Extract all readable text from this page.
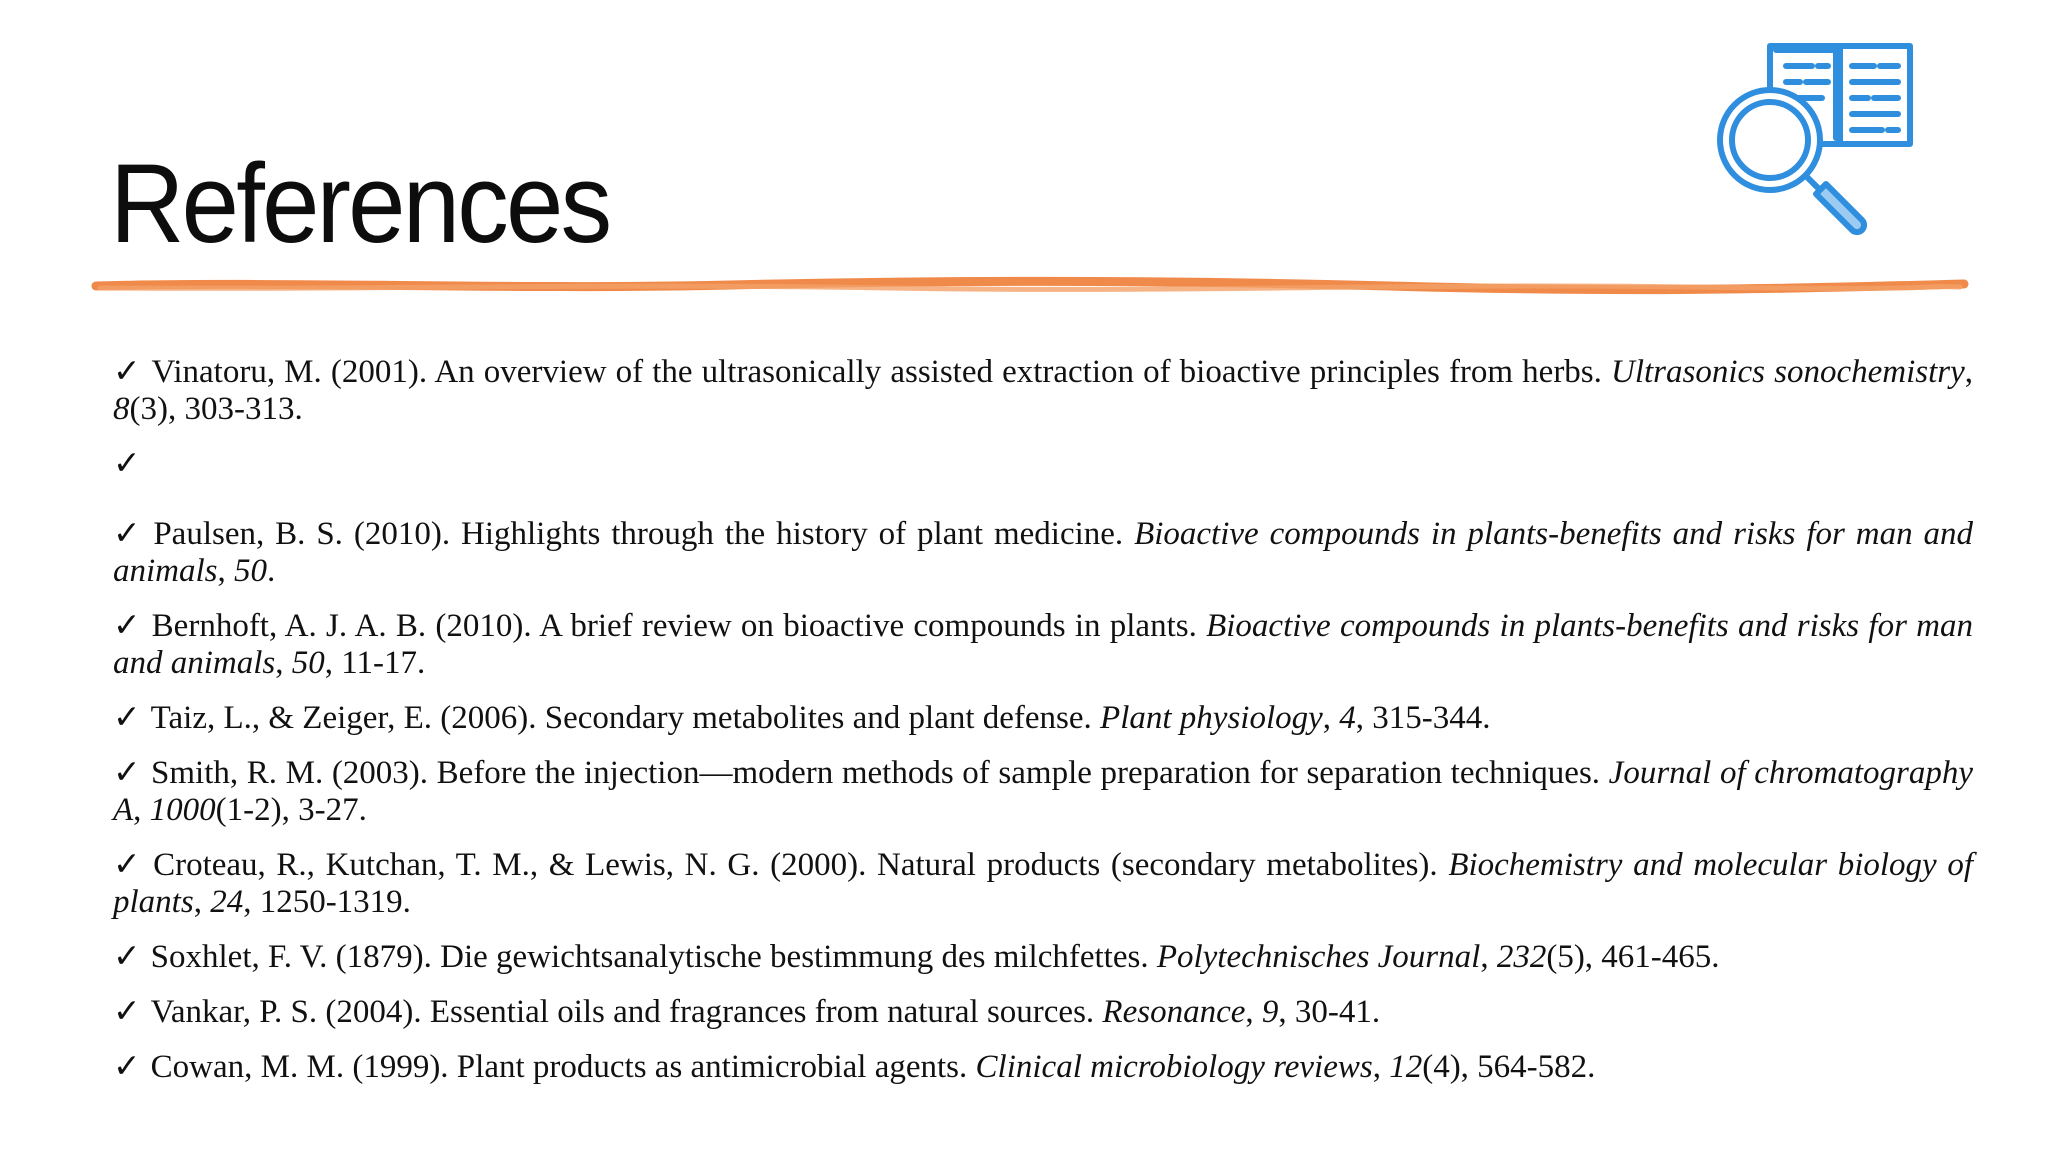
References
✓ Vinatoru, M. (2001). An overview of the ultrasonically assisted extraction of bioactive principles from herbs. Ultrasonics sonochemistry, 8(3), 303-313.
✓
✓ Paulsen, B. S. (2010). Highlights through the history of plant medicine. Bioactive compounds in plants-benefits and risks for man and animals, 50.
✓ Bernhoft, A. J. A. B. (2010). A brief review on bioactive compounds in plants. Bioactive compounds in plants-benefits and risks for man and animals, 50, 11-17.
✓ Taiz, L., & Zeiger, E. (2006). Secondary metabolites and plant defense. Plant physiology, 4, 315-344.
✓ Smith, R. M. (2003). Before the injection—modern methods of sample preparation for separation techniques. Journal of chromatography A, 1000(1-2), 3-27.
✓ Croteau, R., Kutchan, T. M., & Lewis, N. G. (2000). Natural products (secondary metabolites). Biochemistry and molecular biology of plants, 24, 1250-1319.
✓ Soxhlet, F. V. (1879). Die gewichtsanalytische bestimmung des milchfettes. Polytechnisches Journal, 232(5), 461-465.
✓ Vankar, P. S. (2004). Essential oils and fragrances from natural sources. Resonance, 9, 30-41.
✓ Cowan, M. M. (1999). Plant products as antimicrobial agents. Clinical microbiology reviews, 12(4), 564-582.
